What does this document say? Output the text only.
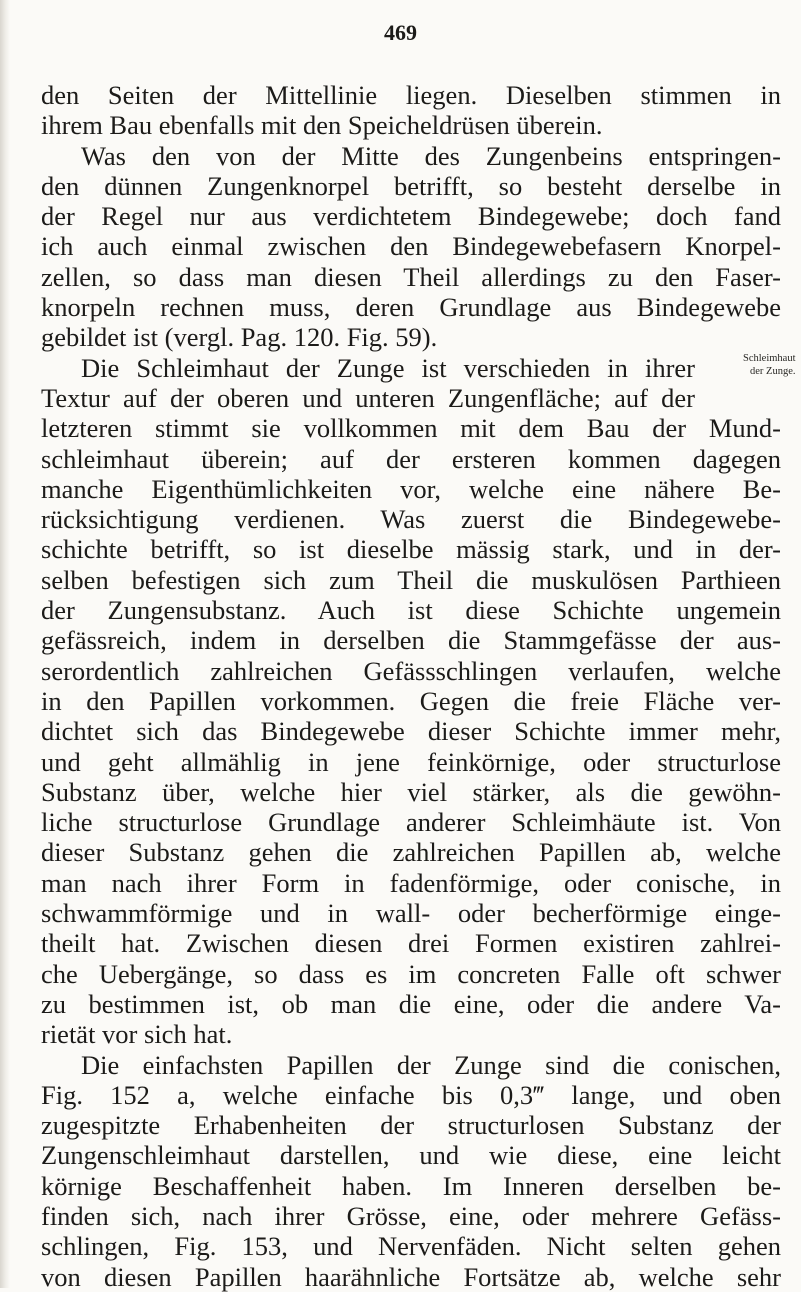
469
Schleimhaut
der Zunge.
den Seiten der Mittellinie liegen. Dieselben stimmen in
ihrem Bau ebenfalls mit den Speicheldrüsen überein.
Was den von der Mitte des Zungenbeins entspringen-
den dünnen Zungenknorpel betrifft, so besteht derselbe in
der Regel nur aus verdichtetem Bindegewebe; doch fand
ich auch einmal zwischen den Bindegewebefasern Knorpel-
zellen, so dass man diesen Theil allerdings zu den Faser-
knorpeln rechnen muss, deren Grundlage aus Bindegewebe
gebildet ist (vergl. Pag. 120. Fig. 59).
Die Schleimhaut der Zunge ist verschieden in ihrer
Textur auf der oberen und unteren Zungenfläche; auf der
letzteren stimmt sie vollkommen mit dem Bau der Mund-
schleimhaut überein; auf der ersteren kommen dagegen
manche Eigenthümlichkeiten vor, welche eine nähere Be-
rücksichtigung verdienen. Was zuerst die Bindegewebe-
schichte betrifft, so ist dieselbe mässig stark, und in der-
selben befestigen sich zum Theil die muskulösen Parthieen
der Zungensubstanz. Auch ist diese Schichte ungemein
gefässreich, indem in derselben die Stammgefässe der aus-
serordentlich zahlreichen Gefässschlingen verlaufen, welche
in den Papillen vorkommen. Gegen die freie Fläche ver-
dichtet sich das Bindegewebe dieser Schichte immer mehr,
und geht allmählig in jene feinkörnige, oder structurlose
Substanz über, welche hier viel stärker, als die gewöhn-
liche structurlose Grundlage anderer Schleimhäute ist. Von
dieser Substanz gehen die zahlreichen Papillen ab, welche
man nach ihrer Form in fadenförmige, oder conische, in
schwammförmige und in wall- oder becherförmige einge-
theilt hat. Zwischen diesen drei Formen existiren zahlrei-
che Uebergänge, so dass es im concreten Falle oft schwer
zu bestimmen ist, ob man die eine, oder die andere Va-
rietät vor sich hat.
Die einfachsten Papillen der Zunge sind die conischen,
Fig. 152 a, welche einfache bis 0,3‴ lange, und oben
zugespitzte Erhabenheiten der structurlosen Substanz der
Zungenschleimhaut darstellen, und wie diese, eine leicht
körnige Beschaffenheit haben. Im Inneren derselben be-
finden sich, nach ihrer Grösse, eine, oder mehrere Gefäss-
schlingen, Fig. 153, und Nervenfäden. Nicht selten gehen
von diesen Papillen haarähnliche Fortsätze ab, welche sehr
